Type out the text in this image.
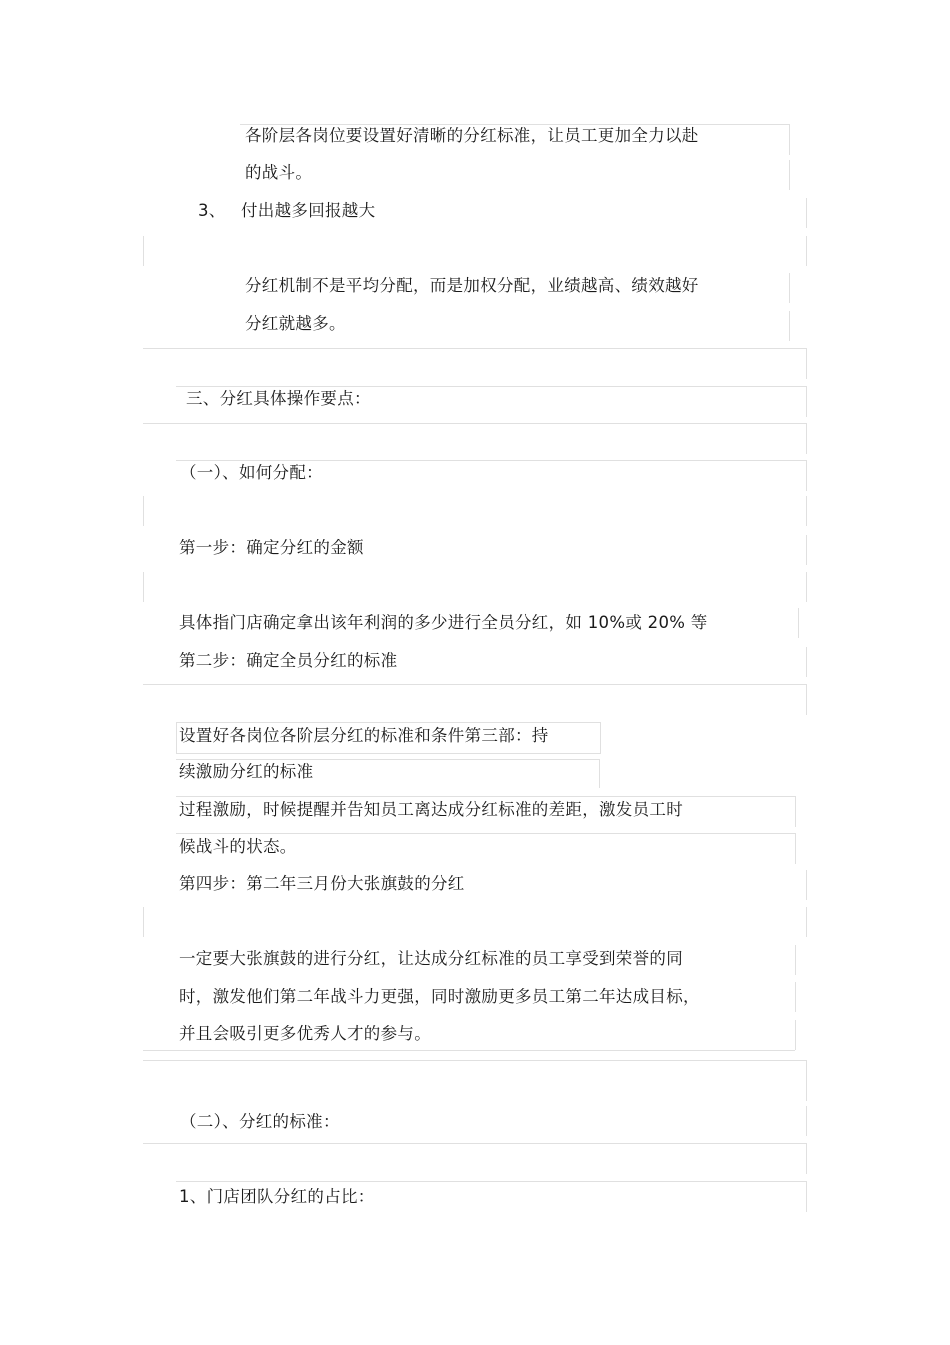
各阶层各岗位要设置好清晰的分红标准，让员工更加全力以赴
的战斗。
3、 付出越多回报越大
分红机制不是平均分配，而是加权分配，业绩越高、绩效越好
分红就越多。
三、分红具体操作要点：
（一）、如何分配：
第一步：确定分红的金额
具体指门店确定拿出该年利润的多少进行全员分红，如 10%或 20% 等
第二步：确定全员分红的标准
设置好各岗位各阶层分红的标准和条件第三部：持
续激励分红的标准
过程激励，时候提醒并告知员工离达成分红标准的差距，激发员工时
候战斗的状态。
第四步：第二年三月份大张旗鼓的分红
一定要大张旗鼓的进行分红，让达成分红标准的员工享受到荣誉的同
时，激发他们第二年战斗力更强，同时激励更多员工第二年达成目标，
并且会吸引更多优秀人才的参与。
（二）、分红的标准：
1、门店团队分红的占比：
